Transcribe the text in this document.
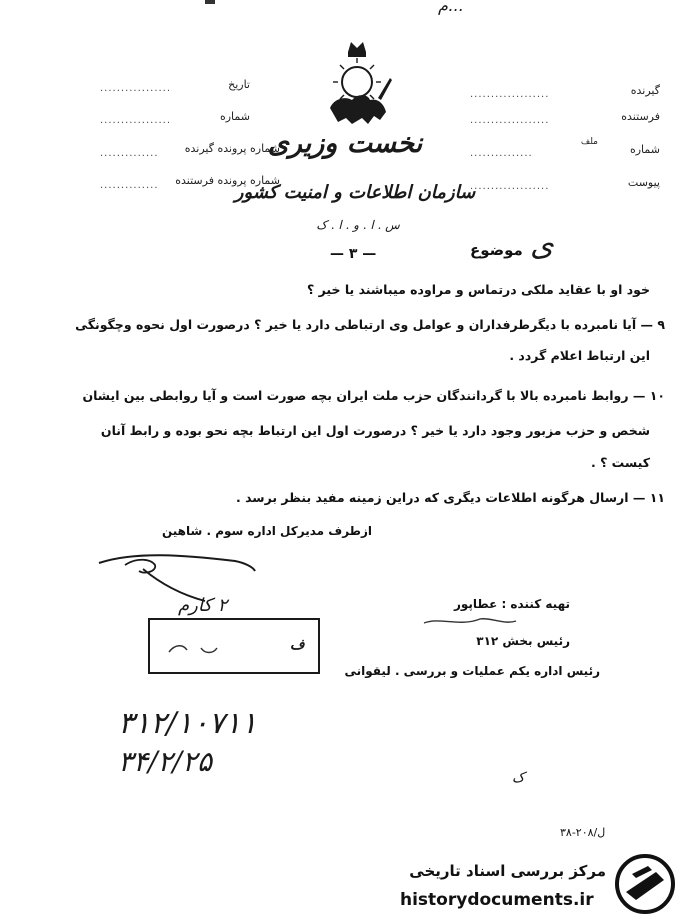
...م
تاریخ
.................
شماره
.................
شماره پرونده گیرنده
..............
شماره پرونده فرستنده
..............
گیرنده
...................
فرستنده
...................
شماره
ملف
...............
پیوست
...................
نخست وزیری
سازمان اطلاعات و امنیت کشور
س . ا . و . ا . ک
— ۳ —	موضوع ی
خود او با عقاید ملکی درتماس و مراوده میباشند یا خیر ؟
۹ — آیا نامبرده با دیگرطرفداران و عوامل وی ارتباطی دارد یا خیر ؟ درصورت اول نحوه وچگونگی
این ارتباط اعلام گردد .
۱۰ — روابط نامبرده بالا با گردانندگان حزب ملت ایران بچه صورت است و آیا روابطی بین ایشان
شخص و حزب مزبور وجود دارد یا خیر ؟ درصورت اول این ارتباط بچه نحو بوده و رابط آنان
کیست ؟ .
۱۱ — ارسال هرگونه اطلاعات دیگری که دراین زمینه مفید بنظر برسد .
ازطرف مدیرکل اداره سوم . شاهین
۲ کارم
ف
تهیه کننده : عطاپور
رئیس بخش ۳۱۲
رئیس اداره یکم عملیات و بررسی . لیقوانی
۳۱۲/۱۰۷۱۱
۳۴/۲/۲۵	ک
۳۸-۲۰۸/ل
مرکز بررسی اسناد تاریخی
historydocuments.ir
